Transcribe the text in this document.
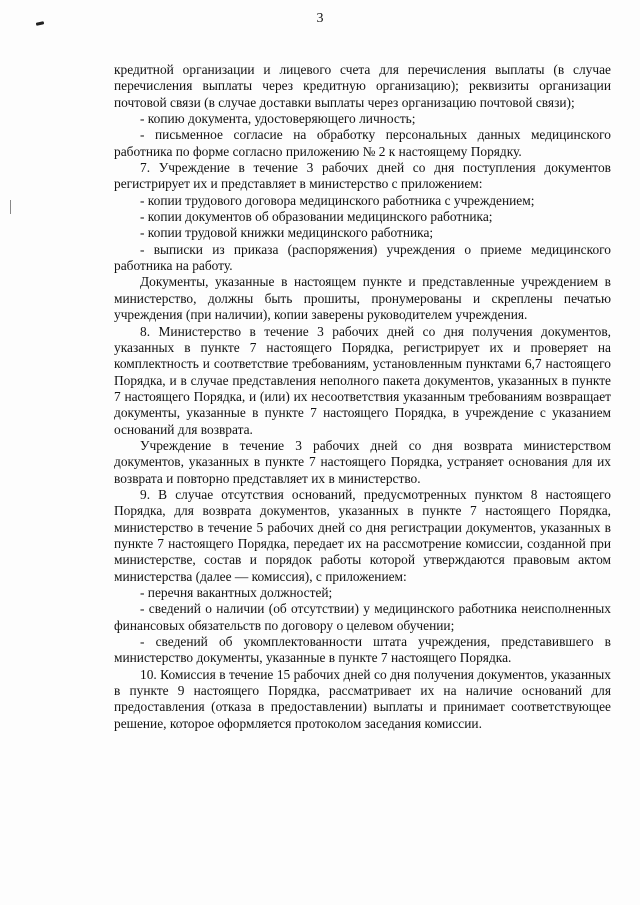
3

кредитной организации и лицевого счета для перечисления выплаты (в случае перечисления выплаты через кредитную организацию); реквизиты организации почтовой связи (в случае доставки выплаты через организацию почтовой связи);

- копию документа, удостоверяющего личность;

- письменное согласие на обработку персональных данных медицинского работника по форме согласно приложению № 2 к настоящему Порядку.

7. Учреждение в течение 3 рабочих дней со дня поступления документов регистрирует их и представляет в министерство с приложением:

- копии трудового договора медицинского работника с учреждением;

- копии документов об образовании медицинского работника;

- копии трудовой книжки медицинского работника;

- выписки из приказа (распоряжения) учреждения о приеме медицинского работника на работу.

Документы, указанные в настоящем пункте и представленные учреждением в министерство, должны быть прошиты, пронумерованы и скреплены печатью учреждения (при наличии), копии заверены руководителем учреждения.

8. Министерство в течение 3 рабочих дней со дня получения документов, указанных в пункте 7 настоящего Порядка, регистрирует их и проверяет на комплектность и соответствие требованиям, установленным пунктами 6,7 настоящего Порядка, и в случае представления неполного пакета документов, указанных в пункте 7 настоящего Порядка, и (или) их несоответствия указанным требованиям возвращает документы, указанные в пункте 7 настоящего Порядка, в учреждение с указанием оснований для возврата.

Учреждение в течение 3 рабочих дней со дня возврата министерством документов, указанных в пункте 7 настоящего Порядка, устраняет основания для их возврата и повторно представляет их в министерство.

9. В случае отсутствия оснований, предусмотренных пунктом 8 настоящего Порядка, для возврата документов, указанных в пункте 7 настоящего Порядка, министерство в течение 5 рабочих дней со дня регистрации документов, указанных в пункте 7 настоящего Порядка, передает их на рассмотрение комиссии, созданной при министерстве, состав и порядок работы которой утверждаются правовым актом министерства (далее — комиссия), с приложением:

- перечня вакантных должностей;

- сведений о наличии (об отсутствии) у медицинского работника неисполненных финансовых обязательств по договору о целевом обучении;

- сведений об укомплектованности штата учреждения, представившего в министерство документы, указанные в пункте 7 настоящего Порядка.

10. Комиссия в течение 15 рабочих дней со дня получения документов, указанных в пункте 9 настоящего Порядка, рассматривает их на наличие оснований для предоставления (отказа в предоставлении) выплаты и принимает соответствующее решение, которое оформляется протоколом заседания комиссии.
